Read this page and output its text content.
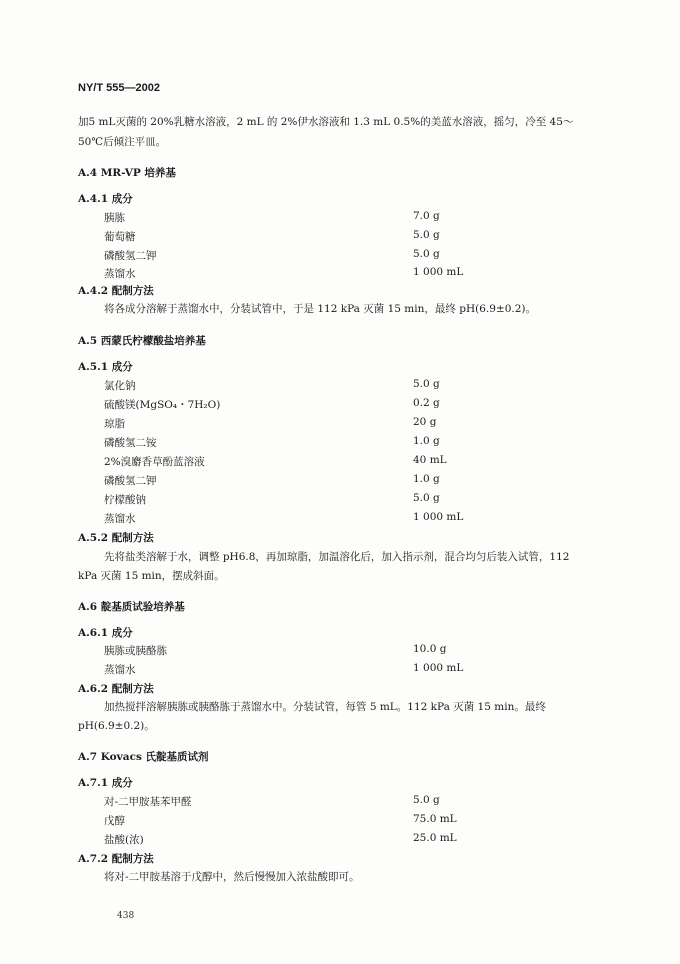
NY/T 555—2002
加5 mL灭菌的 20%乳糖水溶液，2 mL 的 2%伊水溶液和 1.3 mL 0.5%的美蓝水溶液，摇匀，冷至 45～
50℃后倾注平皿。
A.4 MR-VP 培养基
A.4.1 成分
胰胨	7.0 g
葡萄糖	5.0 g
磷酸氢二钾	5.0 g
蒸馏水	1 000 mL
A.4.2 配制方法
将各成分溶解于蒸馏水中，分装试管中，于是 112 kPa 灭菌 15 min，最终 pH(6.9±0.2)。
A.5 西蒙氏柠檬酸盐培养基
A.5.1 成分
氯化钠	5.0 g
硫酸镁(MgSO₄・7H₂O)	0.2 g
琼脂	20 g
磷酸氢二铵	1.0 g
2%溴麝香草酚蓝溶液	40 mL
磷酸氢二钾	1.0 g
柠檬酸钠	5.0 g
蒸馏水	1 000 mL
A.5.2 配制方法
先将盐类溶解于水，调整 pH6.8，再加琼脂，加温溶化后，加入指示剂，混合均匀后装入试管，112
kPa 灭菌 15 min，摆成斜面。
A.6 靛基质试验培养基
A.6.1 成分
胰胨或胰酪胨	10.0 g
蒸馏水	1 000 mL
A.6.2 配制方法
加热搅拌溶解胰胨或胰酪胨于蒸馏水中。分装试管，每管 5 mL。112 kPa 灭菌 15 min。最终
pH(6.9±0.2)。
A.7 Kovacs 氏靛基质试剂
A.7.1 成分
对-二甲胺基苯甲醛	5.0 g
戊醇	75.0 mL
盐酸(浓)	25.0 mL
A.7.2 配制方法
将对-二甲胺基溶于戊醇中，然后慢慢加入浓盐酸即可。
438
